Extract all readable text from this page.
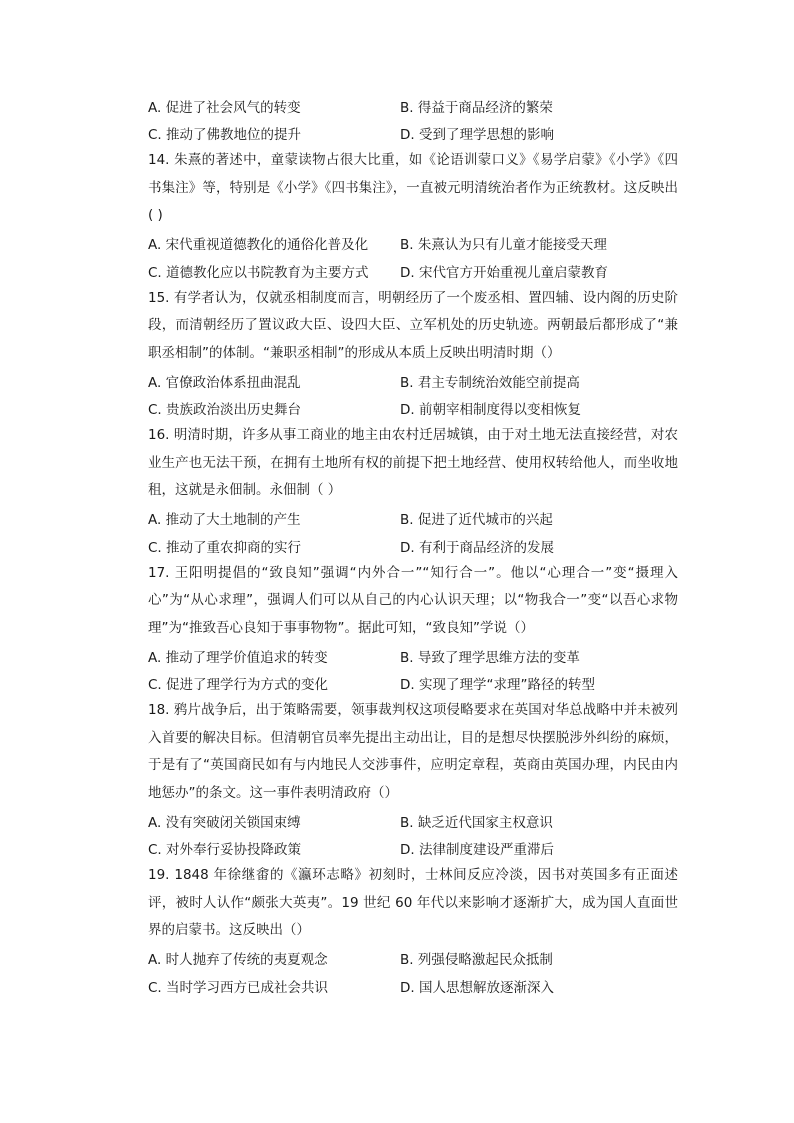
A. 促进了社会风气的转变	B. 得益于商品经济的繁荣
C. 推动了佛教地位的提升	D. 受到了理学思想的影响

14. 朱熹的著述中，童蒙读物占很大比重，如《论语训蒙口义》《易学启蒙》《小学》《四书集注》等，特别是《小学》《四书集注》，一直被元明清统治者作为正统教材。这反映出( )

A. 宋代重视道德教化的通俗化普及化	B. 朱熹认为只有儿童才能接受天理
C. 道德教化应以书院教育为主要方式	D. 宋代官方开始重视儿童启蒙教育

15. 有学者认为，仅就丞相制度而言，明朝经历了一个废丞相、置四辅、设内阁的历史阶段，而清朝经历了置议政大臣、设四大臣、立军机处的历史轨迹。两朝最后都形成了“兼职丞相制”的体制。“兼职丞相制”的形成从本质上反映出明清时期（）

A. 官僚政治体系扭曲混乱	B. 君主专制统治效能空前提高
C. 贵族政治淡出历史舞台	D. 前朝宰相制度得以变相恢复

16. 明清时期，许多从事工商业的地主由农村迁居城镇，由于对土地无法直接经营，对农业生产也无法干预，在拥有土地所有权的前提下把土地经营、使用权转给他人，而坐收地租，这就是永佃制。永佃制（ ）

A. 推动了大土地制的产生	B. 促进了近代城市的兴起
C. 推动了重农抑商的实行	D. 有利于商品经济的发展

17. 王阳明提倡的“致良知”强调“内外合一”“知行合一”。他以“心理合一”变“摄理入心”为“从心求理”，强调人们可以从自己的内心认识天理；以“物我合一”变“以吾心求物理”为“推致吾心良知于事事物物”。据此可知，“致良知”学说（）

A. 推动了理学价值追求的转变	B. 导致了理学思维方法的变革
C. 促进了理学行为方式的变化	D. 实现了理学“求理”路径的转型

18. 鸦片战争后，出于策略需要，领事裁判权这项侵略要求在英国对华总战略中并未被列入首要的解决目标。但清朝官员率先提出主动出让，目的是想尽快摆脱涉外纠纷的麻烦，于是有了“英国商民如有与内地民人交涉事件，应明定章程，英商由英国办理，内民由内地惩办”的条文。这一事件表明清政府（）

A. 没有突破闭关锁国束缚	B. 缺乏近代国家主权意识
C. 对外奉行妥协投降政策	D. 法律制度建设严重滞后

19. 1848 年徐继畬的《瀛环志略》初刻时，士林间反应冷淡，因书对英国多有正面述评，被时人认作“颇张大英夷”。19 世纪 60 年代以来影响才逐渐扩大，成为国人直面世界的启蒙书。这反映出（）

A. 时人抛弃了传统的夷夏观念	B. 列强侵略激起民众抵制
C. 当时学习西方已成社会共识	D. 国人思想解放逐渐深入
